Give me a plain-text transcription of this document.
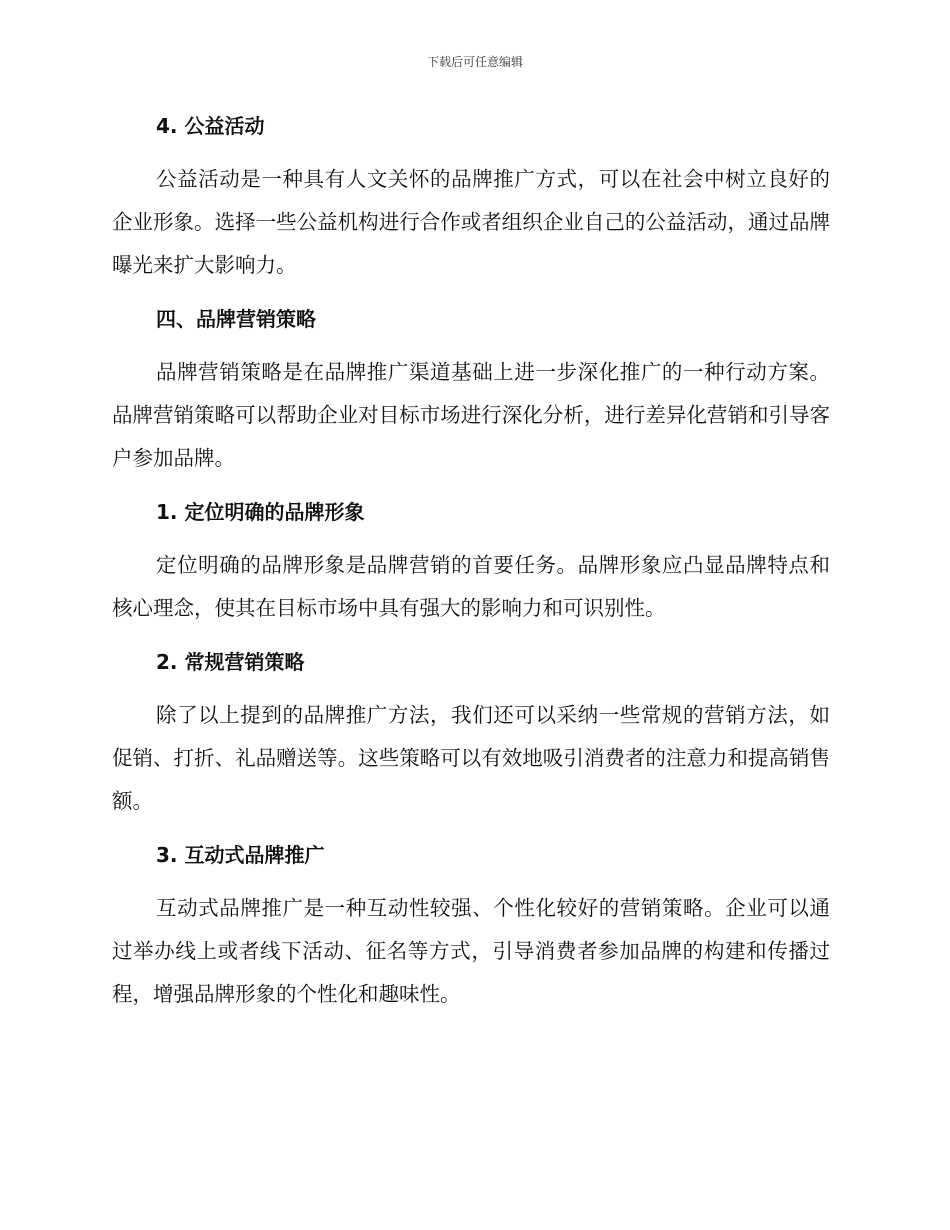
下载后可任意编辑
4. 公益活动

公益活动是一种具有人文关怀的品牌推广方式，可以在社会中树立良好的企业形象。选择一些公益机构进行合作或者组织企业自己的公益活动，通过品牌曝光来扩大影响力。

四、品牌营销策略

品牌营销策略是在品牌推广渠道基础上进一步深化推广的一种行动方案。品牌营销策略可以帮助企业对目标市场进行深化分析，进行差异化营销和引导客户参加品牌。

1. 定位明确的品牌形象

定位明确的品牌形象是品牌营销的首要任务。品牌形象应凸显品牌特点和核心理念，使其在目标市场中具有强大的影响力和可识别性。

2. 常规营销策略

除了以上提到的品牌推广方法，我们还可以采纳一些常规的营销方法，如促销、打折、礼品赠送等。这些策略可以有效地吸引消费者的注意力和提高销售额。

3. 互动式品牌推广

互动式品牌推广是一种互动性较强、个性化较好的营销策略。企业可以通过举办线上或者线下活动、征名等方式，引导消费者参加品牌的构建和传播过程，增强品牌形象的个性化和趣味性。
